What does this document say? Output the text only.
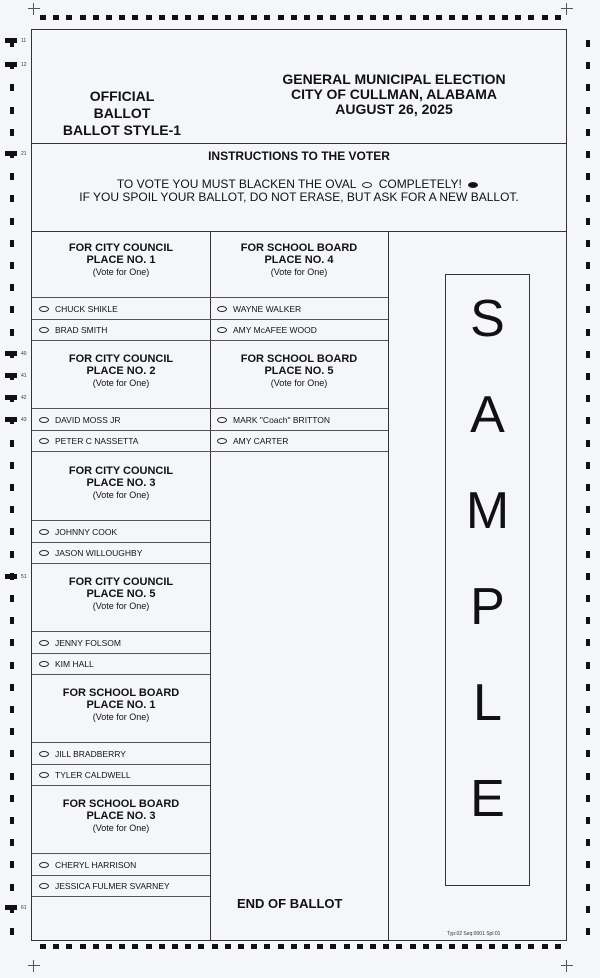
11
12
21
40
41
42
43
51
61
OFFICIAL BALLOT
BALLOT STYLE-1
GENERAL MUNICIPAL ELECTION
CITY OF CULLMAN, ALABAMA
AUGUST 26, 2025
INSTRUCTIONS TO THE VOTER
TO VOTE YOU MUST BLACKEN THE OVAL COMPLETELY!
IF YOU SPOIL YOUR BALLOT, DO NOT ERASE, BUT ASK FOR A NEW BALLOT.
FOR CITY COUNCIL
PLACE NO. 1
(Vote for One)
CHUCK SHIKLE
BRAD SMITH
FOR CITY COUNCIL
PLACE NO. 2
(Vote for One)
DAVID MOSS JR
PETER C NASSETTA
FOR CITY COUNCIL
PLACE NO. 3
(Vote for One)
JOHNNY COOK
JASON WILLOUGHBY
FOR CITY COUNCIL
PLACE NO. 5
(Vote for One)
JENNY FOLSOM
KIM HALL
FOR SCHOOL BOARD
PLACE NO. 1
(Vote for One)
JILL BRADBERRY
TYLER CALDWELL
FOR SCHOOL BOARD
PLACE NO. 3
(Vote for One)
CHERYL HARRISON
JESSICA FULMER SVARNEY
FOR SCHOOL BOARD
PLACE NO. 4
(Vote for One)
WAYNE WALKER
AMY McAFEE WOOD
FOR SCHOOL BOARD
PLACE NO. 5
(Vote for One)
MARK "Coach" BRITTON
AMY CARTER
S
A
M
P
L
E
END OF BALLOT
Typ:02 Seq:0001 Spl:01
